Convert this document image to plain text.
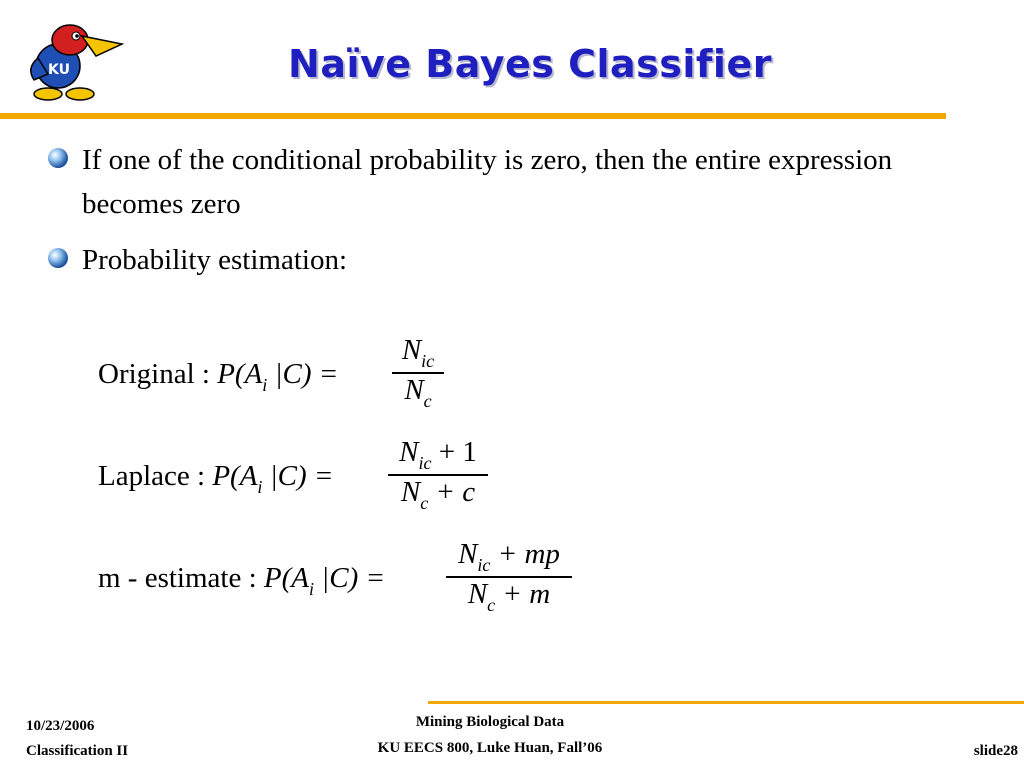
KU	Naïve Bayes Classifier
If one of the conditional probability is zero, then the entire expression becomes zero
Probability estimation:
Original : $P(A_i$ |C) =
$N_{ic}$
$N_c$
Laplace : $P(A_i$ |C) =
$N_{ic} + 1$
$N_c + c$
m - estimate : $P(A_i$ |C) =
$N_{ic}$ + mp
$N_c + m$
10/23/2006
Classification II
Mining Biological Data
KU EECS 800, Luke Huan, Fall’06	slide28
